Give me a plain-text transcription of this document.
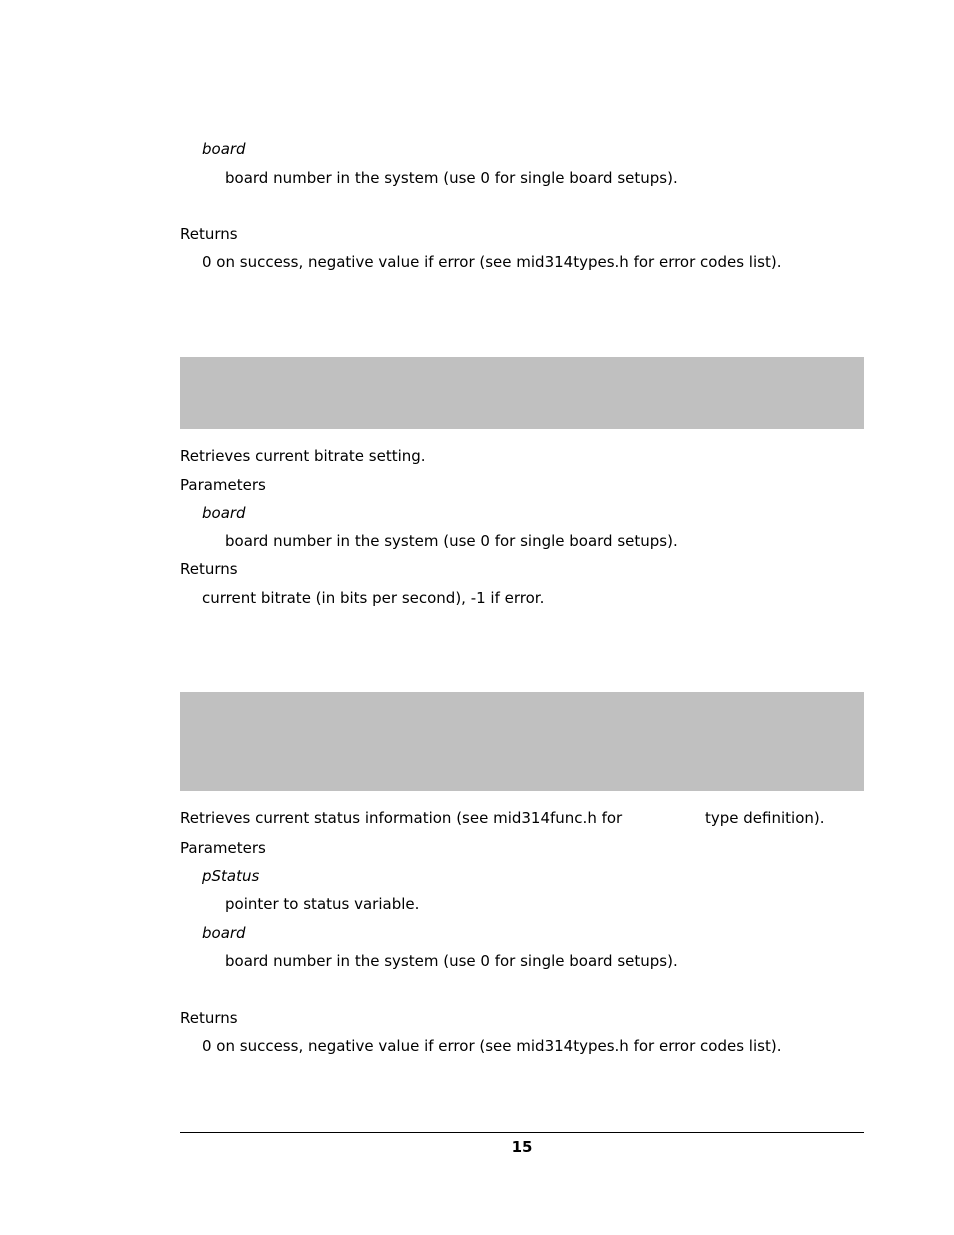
board
board number in the system (use 0 for single board setups).
Returns
0 on success, negative value if error (see mid314types.h for error codes list).
Retrieves current bitrate setting.
Parameters
board
board number in the system (use 0 for single board setups).
Returns
current bitrate (in bits per second), -1 if error.
Retrieves current status information (see mid314func.h for	type definition).
Parameters
pStatus
pointer to status variable.
board
board number in the system (use 0 for single board setups).
Returns
0 on success, negative value if error (see mid314types.h for error codes list).
15
